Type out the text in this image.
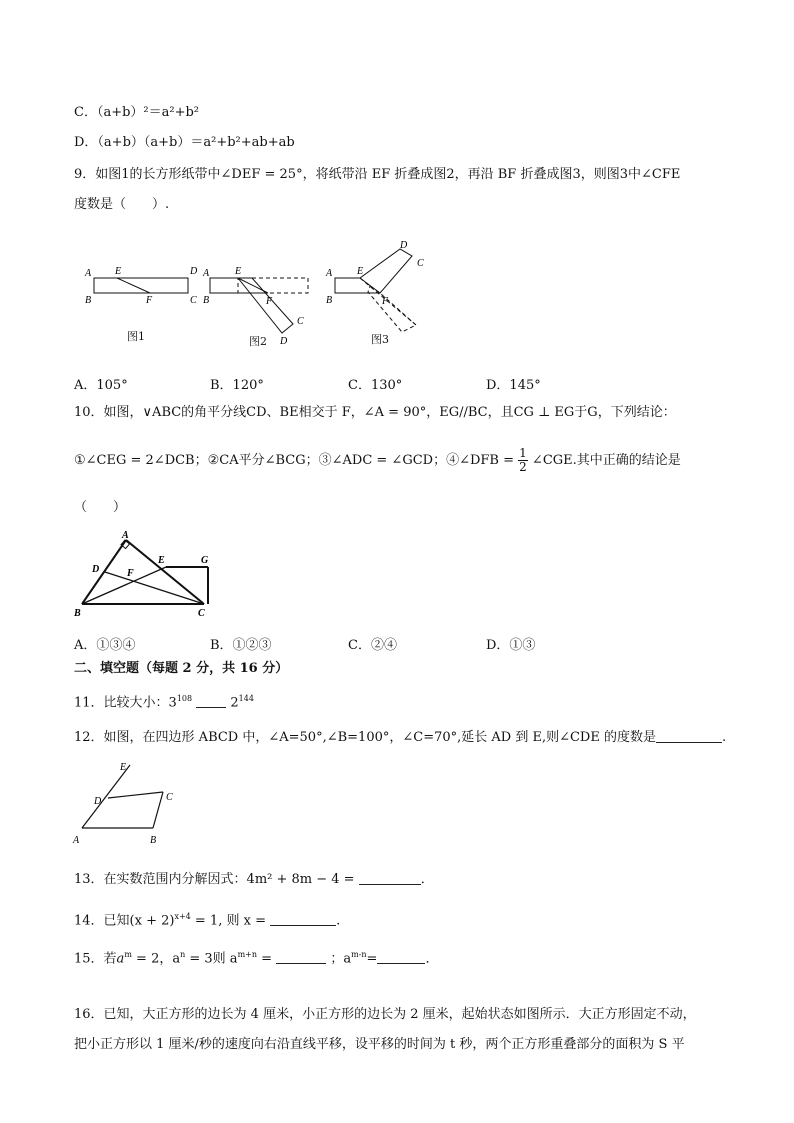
C．（a+b）²＝a²+b²
D．（a+b）（a+b）＝a²+b²+ab+ab
9．如图1的长方形纸带中∠DEF = 25°，将纸带沿 EF 折叠成图2，再沿 BF 折叠成图3，则图3中∠CFE
度数是（　　）.
A E	D
B	F	C
A	E
B	F
C
D
A E
B	F
D
C
图1	图2	图3
A．105°	B．120°	C．130°	D．145°
10．如图，∨ABC的角平分线CD、BE相交于 F，∠A = 90°，EG//BC，且CG ⊥ EG于G，下列结论：
①∠CEG = 2∠DCB；②CA平分∠BCG；③∠ADC = ∠GCD；④∠DFB = $\frac{1}{2}$ ∠CGE.其中正确的结论是
（　　）
A
D
E	G
F
B	C
A．①③④	B．①②③	C．②④	D．①③
二、填空题（每题 2 分，共 16 分）
11．比较大小：$3^{108}$	$2^{144}$
12．如图，在四边形 ABCD 中，∠A=50°,∠B=100°，∠C=70°,延长 AD 到 E,则∠CDE 的度数是	.
E
D	C
A	B
13．在实数范围内分解因式：4m² + 8m − 4 =	．
14．已知$(x + 2)^{x+4} = 1$, 则 x =	.
15．若$a^m = 2$，$a^n = 3$则 $a^{m+n}$ =	；$a^{m-n}=$	．
16．已知，大正方形的边长为 4 厘米，小正方形的边长为 2 厘米，起始状态如图所示．大正方形固定不动，
把小正方形以 1 厘米/秒的速度向右沿直线平移，设平移的时间为 t 秒，两个正方形重叠部分的面积为 S 平
